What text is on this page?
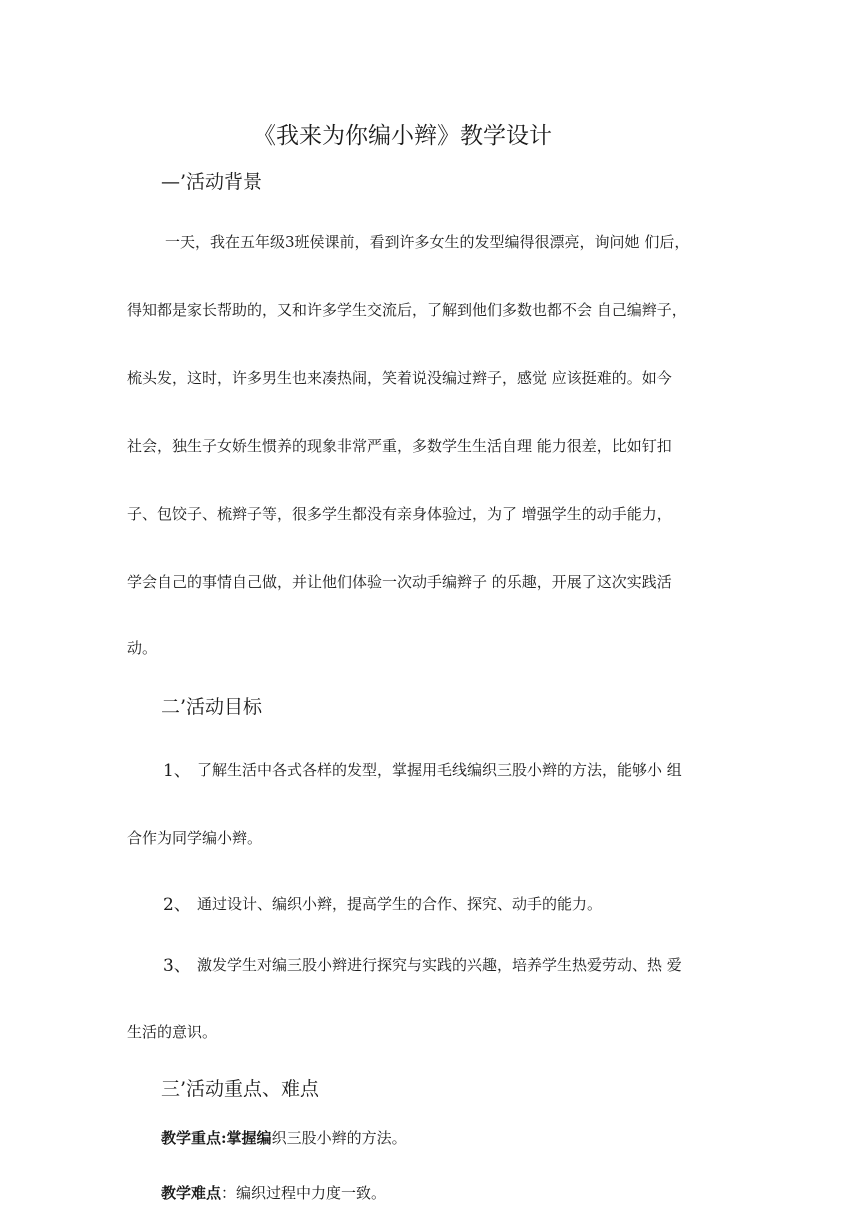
《我来为你编小辫》教学设计
—’活动背景
一天，我在五年级3班侯课前，看到许多女生的发型编得很漂亮，询问她 们后，
得知都是家长帮助的，又和许多学生交流后，了解到他们多数也都不会 自己编辫子，
梳头发，这时，许多男生也来凑热闹，笑着说没编过辫子，感觉 应该挺难的。如今
社会，独生子女娇生惯养的现象非常严重，多数学生生活自理 能力很差，比如钉扣
子、包饺子、梳辫子等，很多学生都没有亲身体验过，为了 增强学生的动手能力，
学会自己的事情自己做，并让他们体验一次动手编辫子 的乐趣，开展了这次实践活
动。
二’活动目标
1、 了解生活中各式各样的发型，掌握用毛线编织三股小辫的方法，能够小 组
合作为同学编小辫。
2、 通过设计、编织小辫，提高学生的合作、探究、动手的能力。
3、 激发学生对编三股小辫进行探究与实践的兴趣，培养学生热爱劳动、热 爱
生活的意识。
三’活动重点、难点
教学重点:掌握编织三股小辫的方法。
教学难点：编织过程中力度一致。
